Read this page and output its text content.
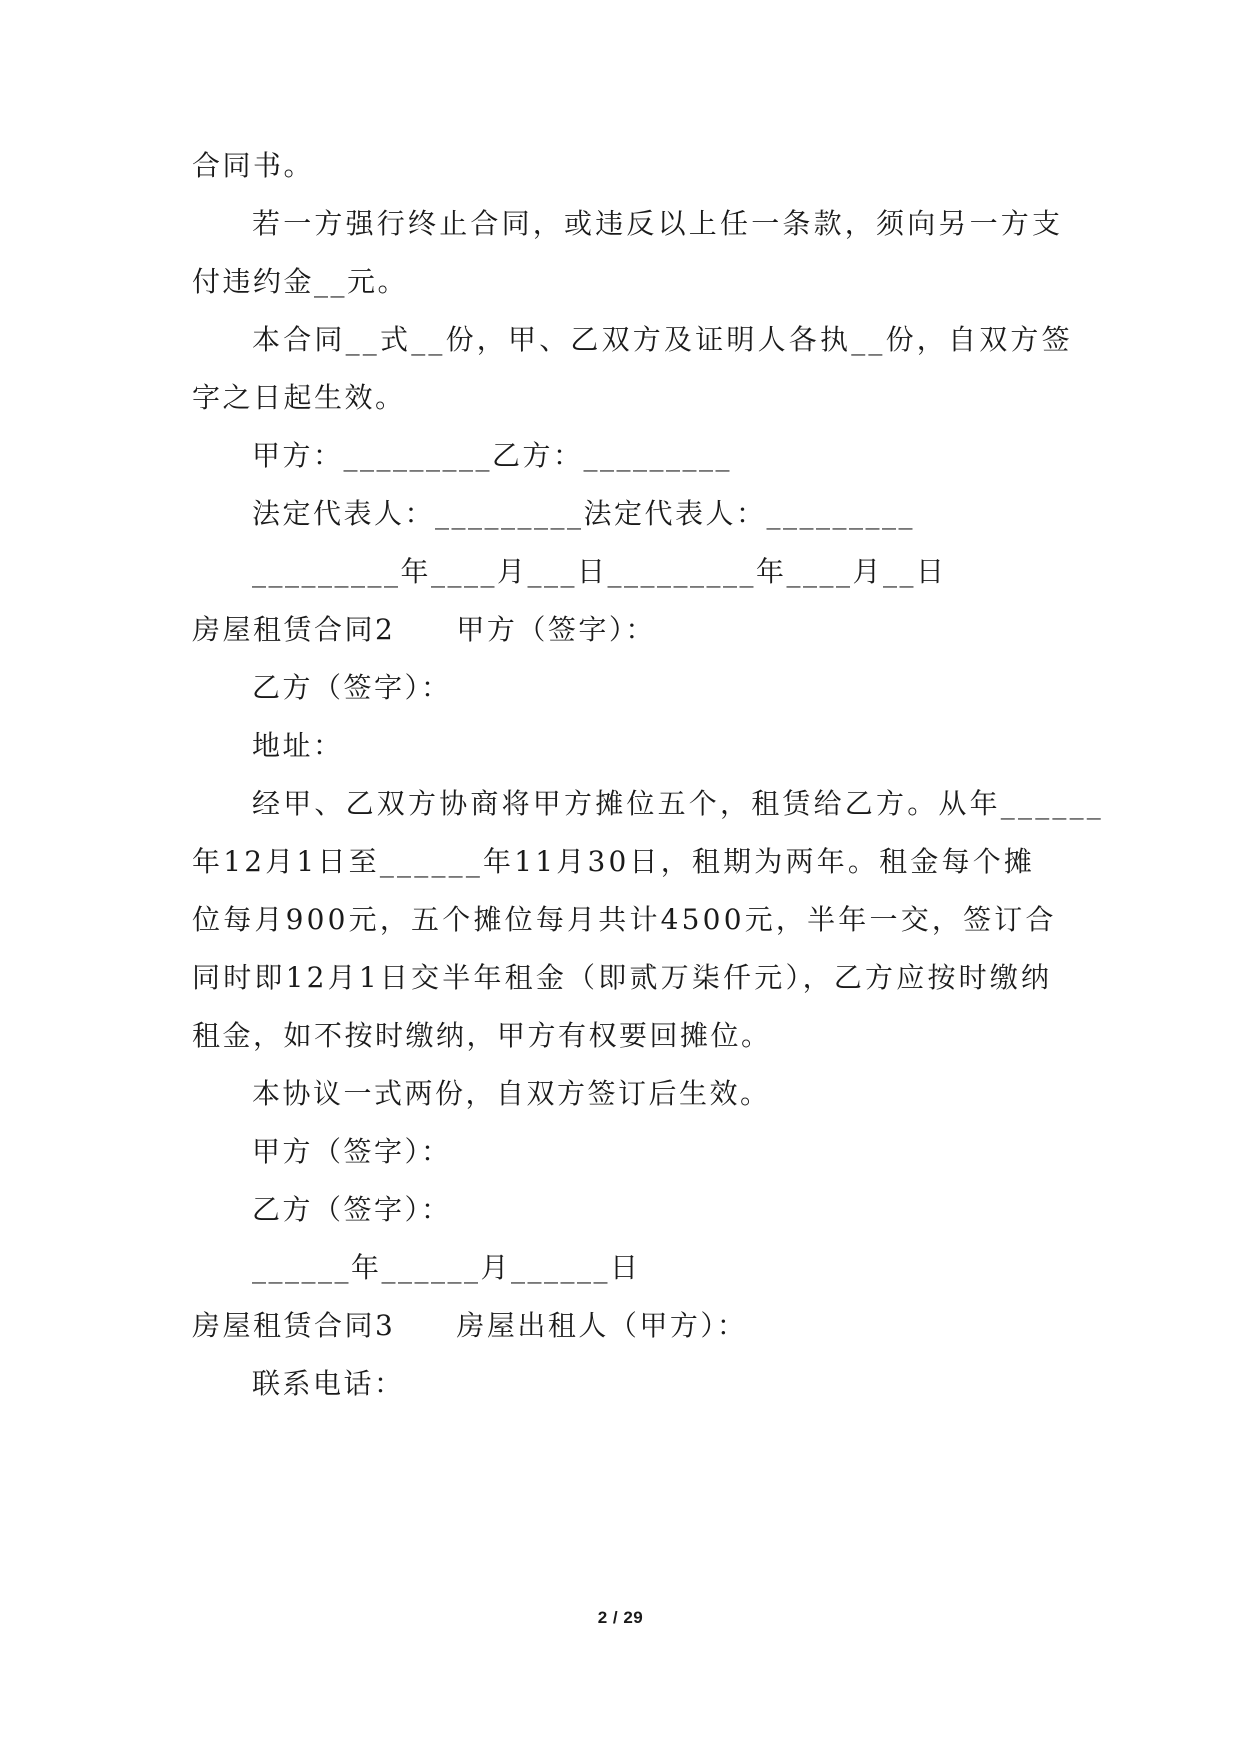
合同书。
若一方强行终止合同，或违反以上任一条款，须向另一方支
付违约金__元。
本合同__式__份，甲、乙双方及证明人各执__份，自双方签
字之日起生效。
甲方：_________乙方：_________
法定代表人：_________法定代表人：_________
_________年____月___日_________年____月__日
房屋租赁合同2　　甲方（签字）：
乙方（签字）：
地址：
经甲、乙双方协商将甲方摊位五个，租赁给乙方。从年______
年12月1日至______年11月30日，租期为两年。租金每个摊
位每月900元，五个摊位每月共计4500元，半年一交，签订合
同时即12月1日交半年租金（即贰万柒仟元），乙方应按时缴纳
租金，如不按时缴纳，甲方有权要回摊位。
本协议一式两份，自双方签订后生效。
甲方（签字）：
乙方（签字）：
______年______月______日
房屋租赁合同3　　房屋出租人（甲方）：
联系电话：
2 / 29
